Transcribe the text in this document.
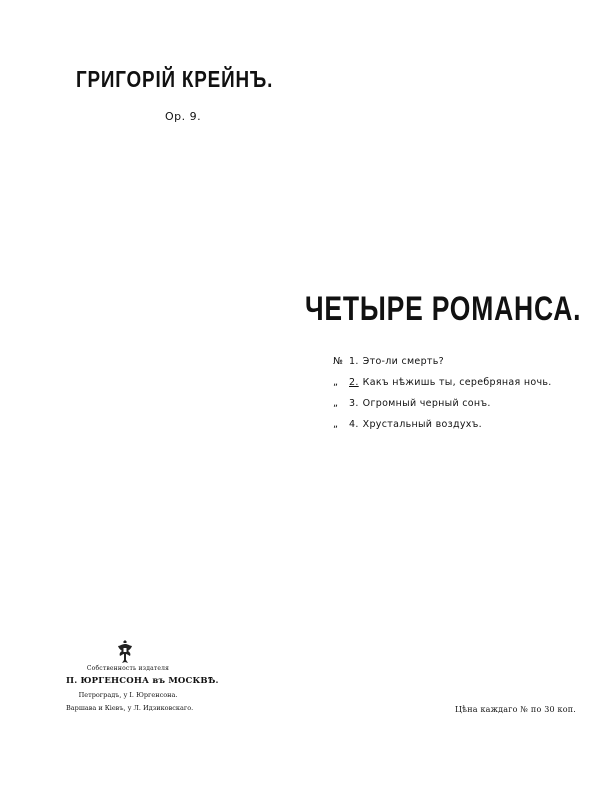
ГРИГОРІЙ КРЕЙНЪ.
Op. 9.
ЧЕТЫРЕ РОМАНСА.
№ 1. Это-ли смерть?
„	2. Какъ нѣжишь ты, серебряная ночь.
„	3. Огромный черный сонъ.
„	4. Хрустальный воздухъ.
Собственность издателя
П. ЮРГЕНСОНА въ МОСКВѢ.
Петроградъ, у І. Юргенсона.
Варшава и Кіевъ, у Л. Идзиковскаго.	Цѣна каждаго № по 30 коп.
